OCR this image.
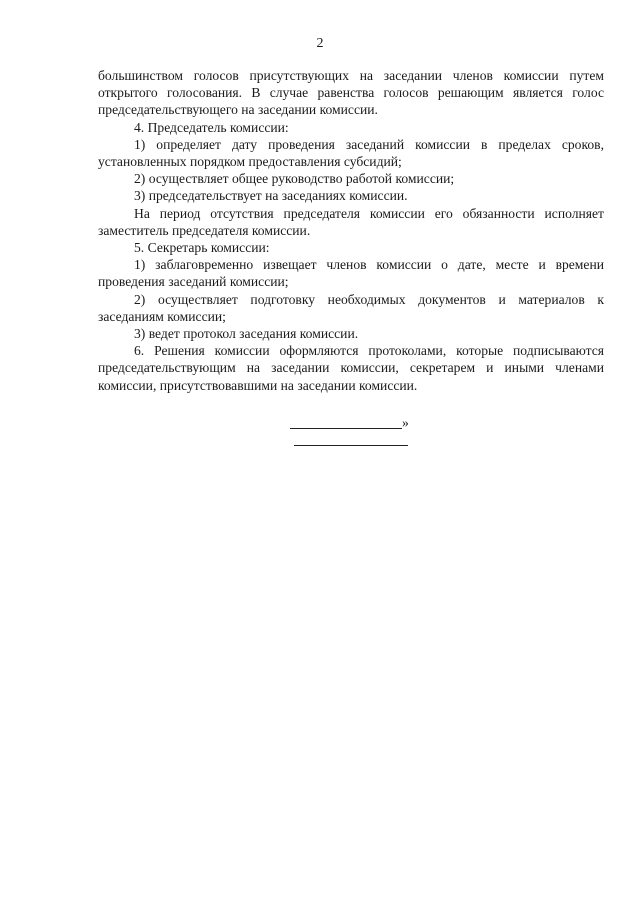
2

большинством голосов присутствующих на заседании членов комиссии путем открытого голосования. В случае равенства голосов решающим является голос председательствующего на заседании комиссии.

4. Председатель комиссии:

1) определяет дату проведения заседаний комиссии в пределах сроков, установленных порядком предоставления субсидий;

2) осуществляет общее руководство работой комиссии;

3) председательствует на заседаниях комиссии.

На период отсутствия председателя комиссии его обязанности исполняет заместитель председателя комиссии.

5. Секретарь комиссии:

1) заблаговременно извещает членов комиссии о дате, месте и времени проведения заседаний комиссии;

2) осуществляет подготовку необходимых документов и материалов к заседаниям комиссии;

3) ведет протокол заседания комиссии.

6. Решения комиссии оформляются протоколами, которые подписываются председательствующим на заседании комиссии, секретарем и иными членами комиссии, присутствовавшими на заседании комиссии.

»
